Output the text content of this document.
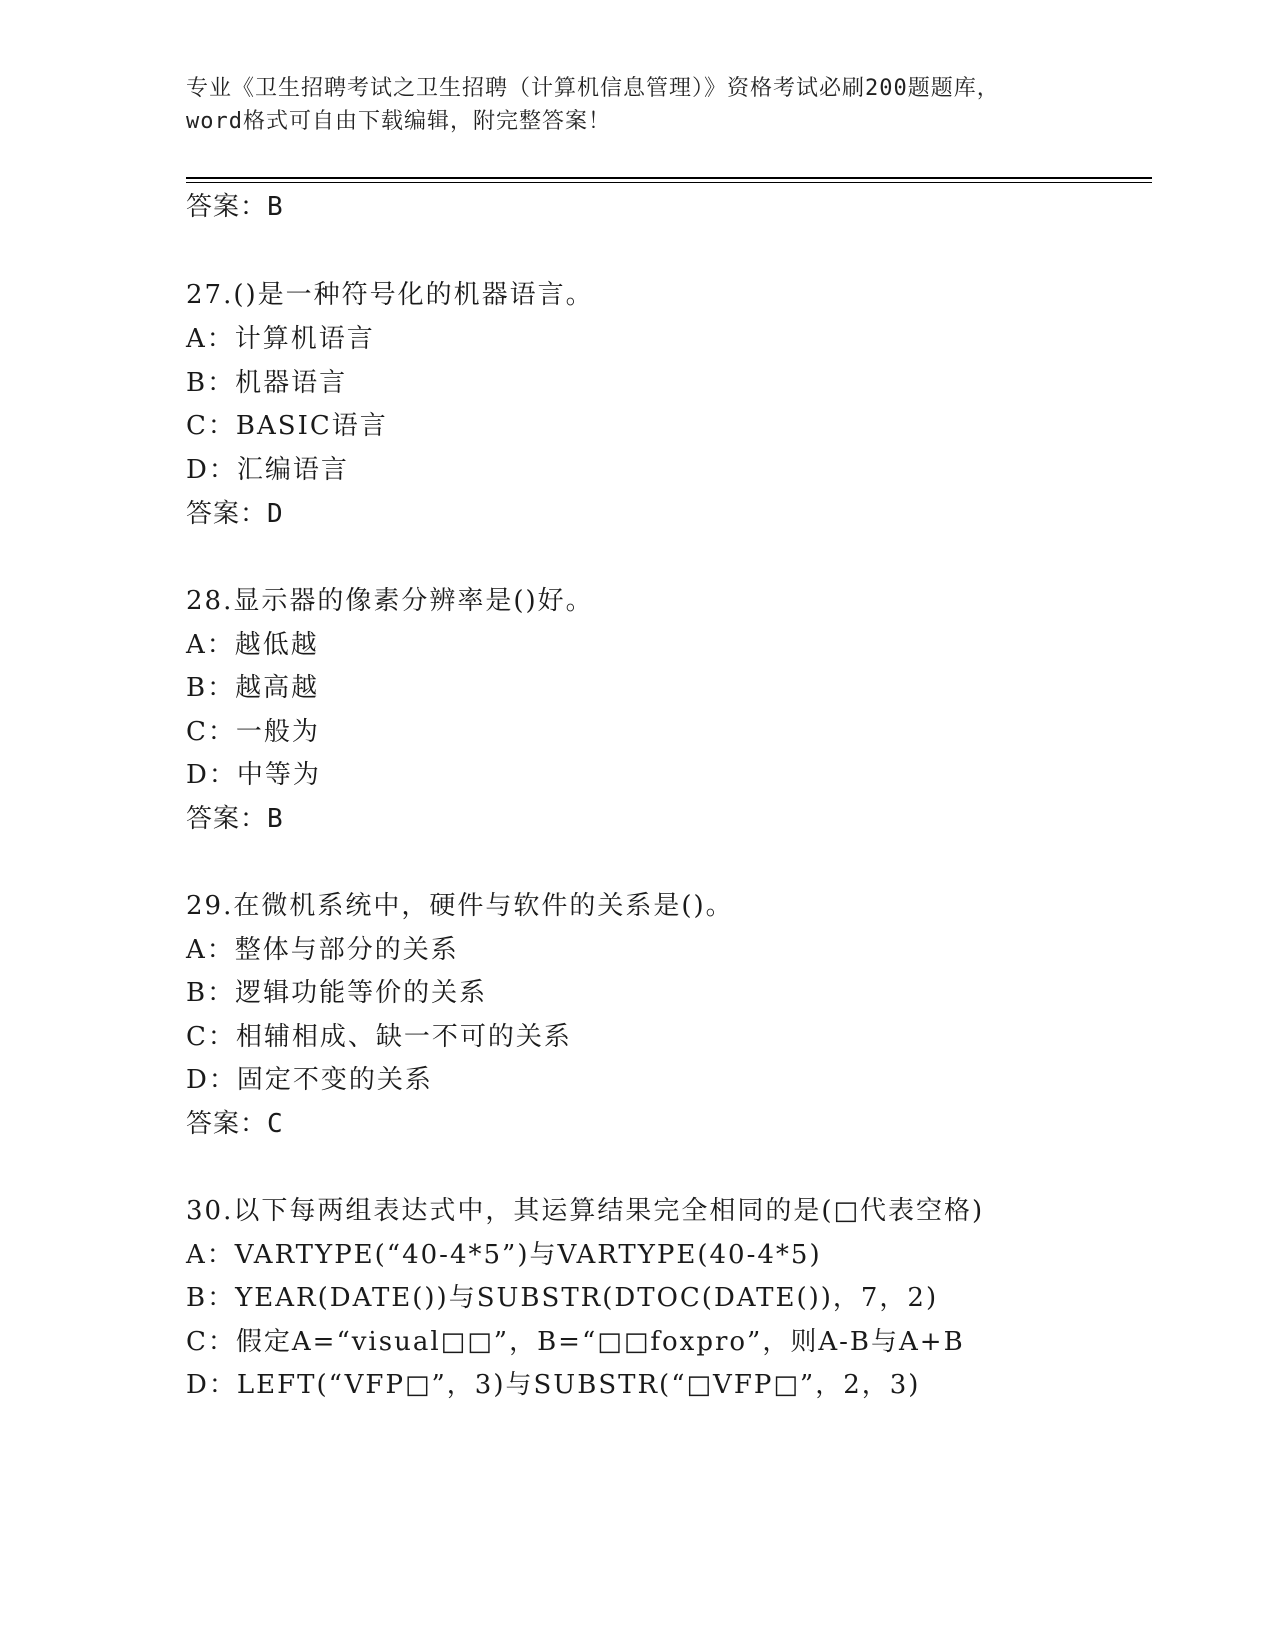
专业《卫生招聘考试之卫生招聘（计算机信息管理）》资格考试必刷200题题库，
word格式可自由下载编辑，附完整答案！
答案：B
27.()是一种符号化的机器语言。
A：计算机语言
B：机器语言
C：BASIC语言
D：汇编语言
答案：D
28.显示器的像素分辨率是()好。
A：越低越
B：越高越
C：一般为
D：中等为
答案：B
29.在微机系统中，硬件与软件的关系是()。
A：整体与部分的关系
B：逻辑功能等价的关系
C：相辅相成、缺一不可的关系
D：固定不变的关系
答案：C
30.以下每两组表达式中，其运算结果完全相同的是(□代表空格)
A：VARTYPE(“40-4*5”)与VARTYPE(40-4*5)
B：YEAR(DATE())与SUBSTR(DTOC(DATE())，7，2)
C：假定A=“visual□□”，B=“□□foxpro”，则A-B与A+B
D：LEFT(“VFP□”，3)与SUBSTR(“□VFP□”，2，3)
